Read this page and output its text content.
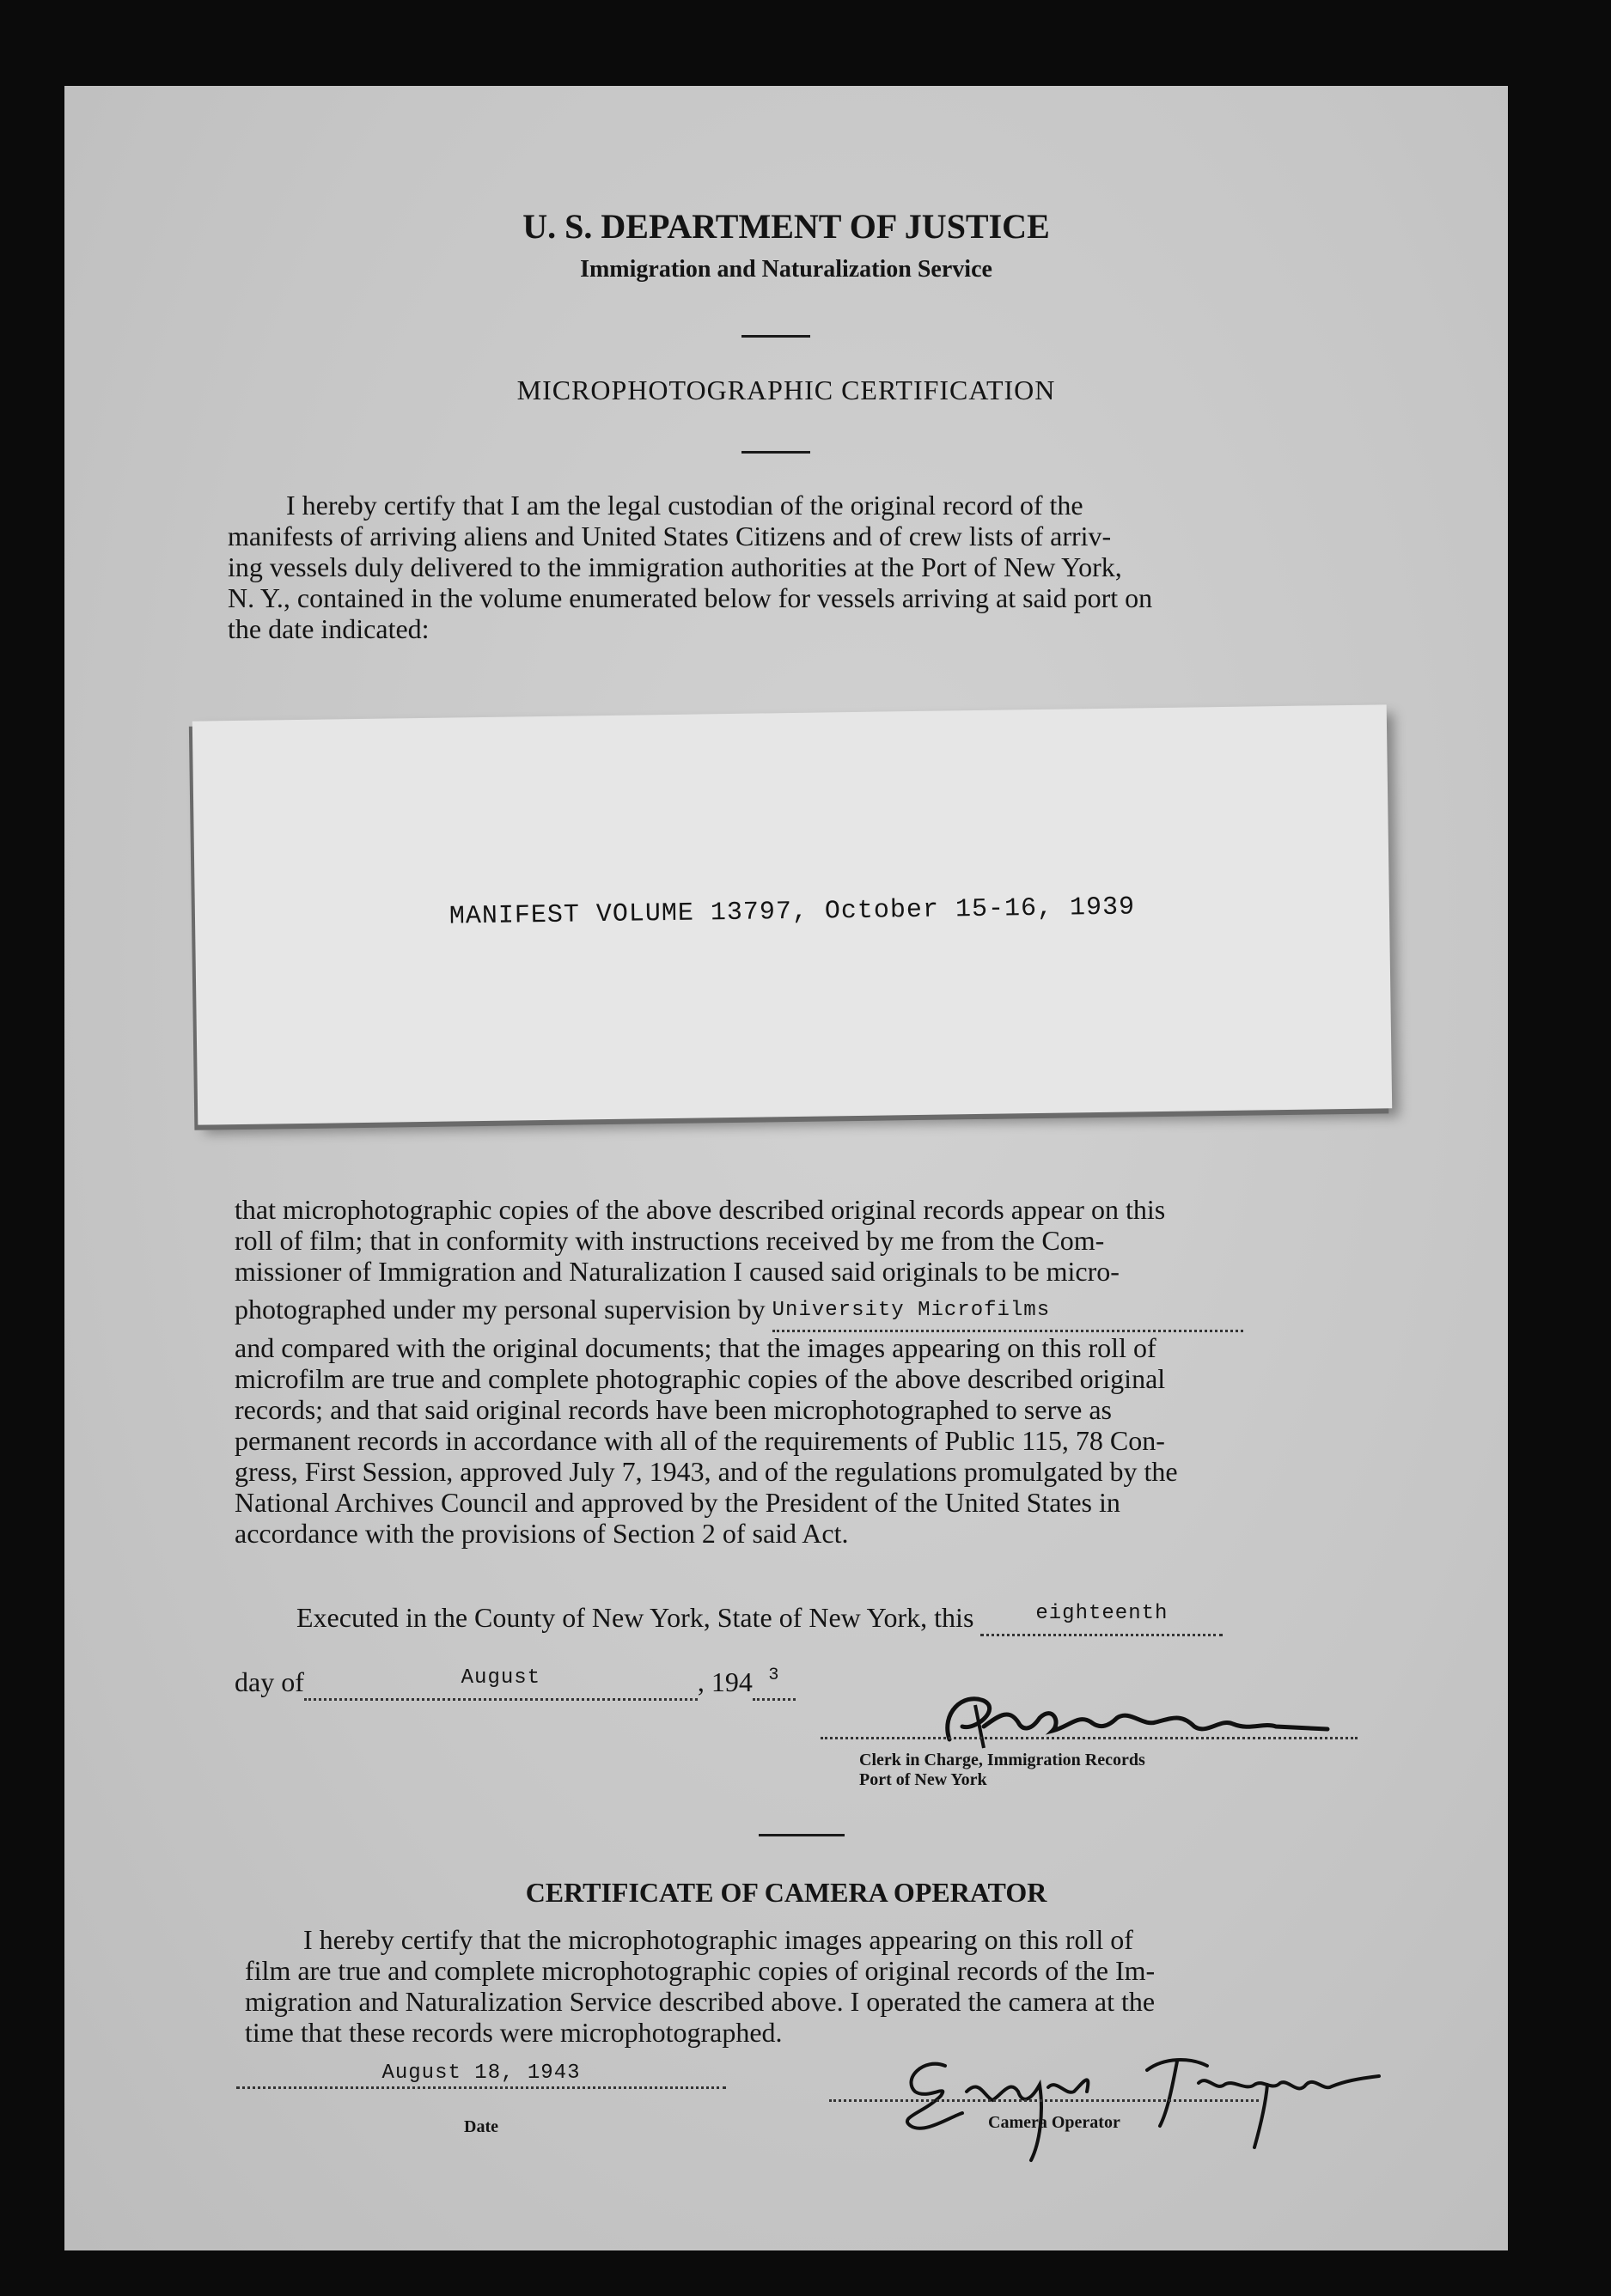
U. S. DEPARTMENT OF JUSTICE
Immigration and Naturalization Service
MICROPHOTOGRAPHIC CERTIFICATION

I hereby certify that I am the legal custodian of the original record of the

manifests of arriving aliens and United States Citizens and of crew lists of arriv-

ing vessels duly delivered to the immigration authorities at the Port of New York,

N. Y., contained in the volume enumerated below for vessels arriving at said port on

the date indicated:

MANIFEST VOLUME 13797, October 15-16, 1939

that microphotographic copies of the above described original records appear on this

roll of film; that in conformity with instructions received by me from the Com-

missioner of Immigration and Naturalization I caused said originals to be micro-

photographed under my personal supervision by University Microfilms

and compared with the original documents; that the images appearing on this roll of

microfilm are true and complete photographic copies of the above described original

records; and that said original records have been microphotographed to serve as

permanent records in accordance with all of the requirements of Public 115, 78 Con-

gress, First Session, approved July 7, 1943, and of the regulations promulgated by the

National Archives Council and approved by the President of the United States in

accordance with the provisions of Section 2 of said Act.

Executed in the County of New York, State of New York, this	$^{eighteenth}$
day of	$^{August}$	, 194 $^3$
Clerk in Charge, Immigration Records
Port of New York
CERTIFICATE OF CAMERA OPERATOR

I hereby certify that the microphotographic images appearing on this roll of

film are true and complete microphotographic copies of original records of the Im-

migration and Naturalization Service described above. I operated the camera at the

time that these records were microphotographed.

August 18, 1943
Date	Camera Operator
